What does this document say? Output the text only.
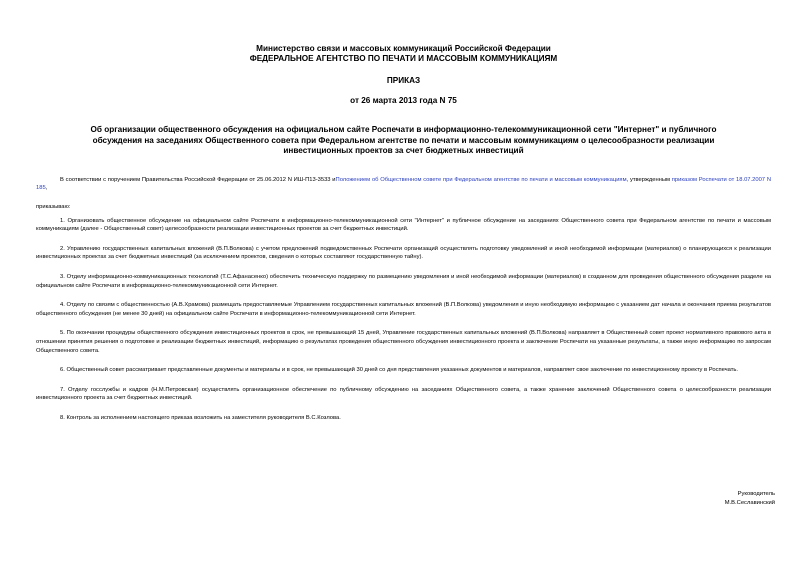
Министерство связи и массовых коммуникаций Российской Федерации

ФЕДЕРАЛЬНОЕ АГЕНТСТВО ПО ПЕЧАТИ И МАССОВЫМ КОММУНИКАЦИЯМ

ПРИКАЗ
от 26 марта 2013 года N 75
Об организации общественного обсуждения на официальном сайте Роспечати в информационно-телекоммуникационной сети "Интернет" и публичного обсуждения на заседаниях Общественного совета при Федеральном агентстве по печати и массовым коммуникациям о целесообразности реализации инвестиционных проектов за счет бюджетных инвестиций
В соответствии с поручением Правительства Российской Федерации от 25.06.2012 N ИШ-П13-3533 иПоложением об Общественном совете при Федеральном агентстве по печати и массовым коммуникациям, утвержденным приказом Роспечати от 18.07.2007 N 185,
приказываю:
1. Организовать общественное обсуждение на официальном сайте Роспечати в информационно-телекоммуникационной сети "Интернет" и публичное обсуждение на заседаниях Общественного совета при Федеральном агентстве по печати и массовым коммуникациям (далее - Общественный совет) целесообразности реализации инвестиционных проектов за счет бюджетных инвестиций.
2. Управлению государственных капитальных вложений (В.П.Волкова) с учетом предложений подведомственных Роспечати организаций осуществлять подготовку уведомлений и иной необходимой информации (материалов) о планирующихся к реализации инвестиционных проектах за счет бюджетных инвестиций (за исключением проектов, сведения о которых составляют государственную тайну).
3. Отделу информационно-коммуникационных технологий (Т.С.Афанасенко) обеспечить техническую поддержку по размещению уведомления и иной необходимой информации (материалов) в созданном для проведения общественного обсуждения разделе на официальном сайте Роспечати в информационно-телекоммуникационной сети Интернет.
4. Отделу по связям с общественностью (А.В.Храмова) размещать предоставляемые Управлением государственных капитальных вложений (В.П.Волкова) уведомления и иную необходимую информацию с указанием дат начала и окончания приема результатов общественного обсуждения (не менее 30 дней) на официальном сайте Роспечати в информационно-телекоммуникационной сети Интернет.
5. По окончании процедуры общественного обсуждения инвестиционных проектов в срок, не превышающий 15 дней, Управление государственных капитальных вложений (В.П.Волкова) направляет в Общественный совет проект нормативного правового акта в отношении принятия решения о подготовке и реализации бюджетных инвестиций, информацию о результатах проведения общественного обсуждения инвестиционного проекта и заключение Роспечати на указанные результаты, а также иную информацию по запросам Общественного совета.
6. Общественный совет рассматривает представленные документы и материалы и в срок, не превышающий 30 дней со дня представления указанных документов и материалов, направляет свое заключение по инвестиционному проекту в Роспечать.
7. Отделу госслужбы и кадров (Н.М.Петровская) осуществлять организационное обеспечение по публичному обсуждению на заседаниях Общественного совета, а также хранение заключений Общественного совета о целесообразности реализации инвестиционного проекта за счет бюджетных инвестиций.
8. Контроль за исполнением настоящего приказа возложить на заместителя руководителя В.С.Козлова.
Руководитель
М.В.Сеславинский
